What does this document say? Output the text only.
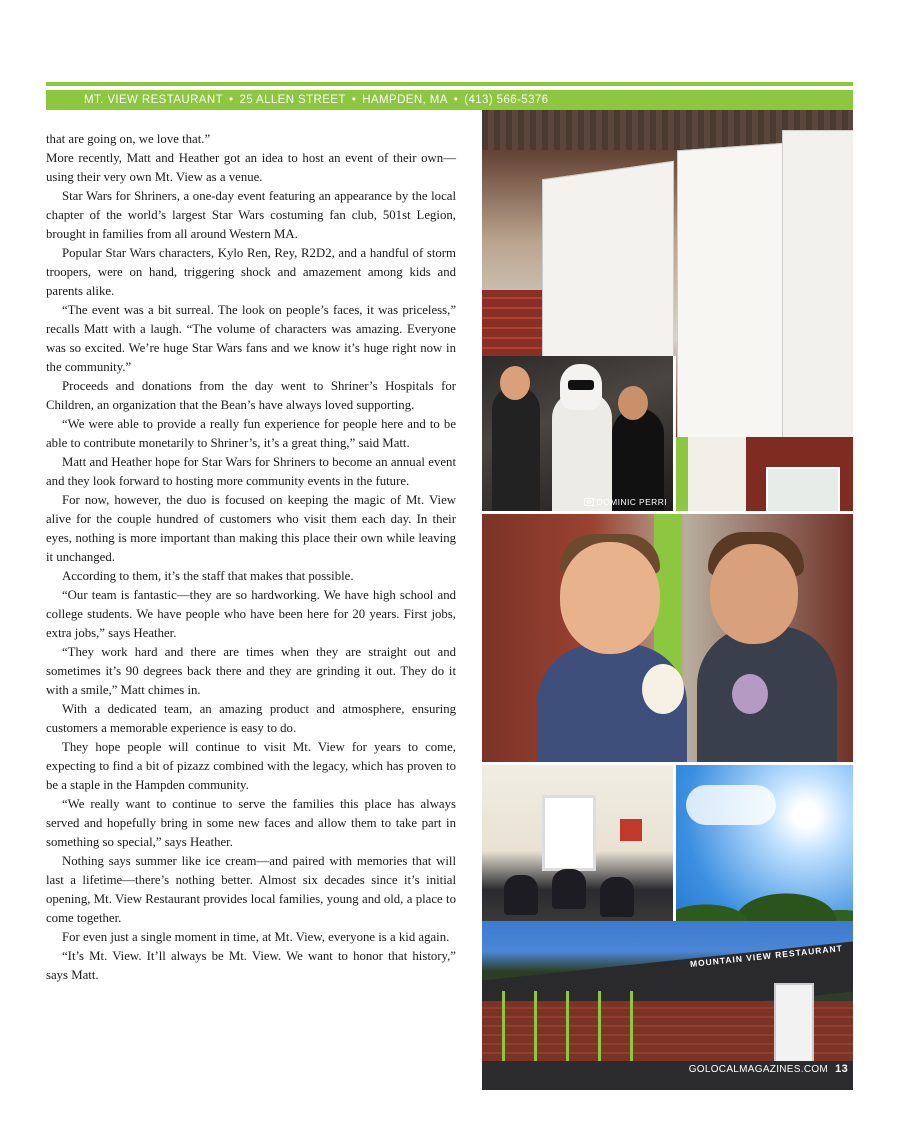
MT. VIEW RESTAURANT • 25 ALLEN STREET • HAMPDEN, MA • (413) 566-5376

that are going on, we love that.”

More recently, Matt and Heather got an idea to host an event of their own—using their very own Mt. View as a venue.

Star Wars for Shriners, a one-day event featuring an appearance by the local chapter of the world’s largest Star Wars costuming fan club, 501st Legion, brought in families from all around Western MA.

Popular Star Wars characters, Kylo Ren, Rey, R2D2, and a handful of storm troopers, were on hand, triggering shock and amazement among kids and parents alike.

“The event was a bit surreal. The look on people’s faces, it was priceless,” recalls Matt with a laugh. “The volume of characters was amazing. Everyone was so excited. We’re huge Star Wars fans and we know it’s huge right now in the community.”

Proceeds and donations from the day went to Shriner’s Hospitals for Children, an organization that the Bean’s have always loved supporting.

“We were able to provide a really fun experience for people here and to be able to contribute monetarily to Shriner’s, it’s a great thing,” said Matt.

Matt and Heather hope for Star Wars for Shriners to become an annual event and they look forward to hosting more community events in the future.

For now, however, the duo is focused on keeping the magic of Mt. View alive for the couple hundred of customers who visit them each day. In their eyes, nothing is more important than making this place their own while leaving it unchanged.

According to them, it’s the staff that makes that possible.

“Our team is fantastic—they are so hardworking. We have high school and college students. We have people who have been here for 20 years. First jobs, extra jobs,” says Heather.

“They work hard and there are times when they are straight out and sometimes it’s 90 degrees back there and they are grinding it out. They do it with a smile,” Matt chimes in.

With a dedicated team, an amazing product and atmosphere, ensuring customers a memorable experience is easy to do.

They hope people will continue to visit Mt. View for years to come, expecting to find a bit of pizazz combined with the legacy, which has proven to be a staple in the Hampden community.

“We really want to continue to serve the families this place has always served and hopefully bring in some new faces and allow them to take part in something so special,” says Heather.

Nothing says summer like ice cream—and paired with memories that will last a lifetime—there’s nothing better. Almost six decades since it’s initial opening, Mt. View Restaurant provides local families, young and old, a place to come together.

For even just a single moment in time, at Mt. View, everyone is a kid again.

“It’s Mt. View. It’ll always be Mt. View. We want to honor that history,” says Matt.

DOMINIC PERRI
MOUNTAIN VIEW RESTAURANT
GOLOCALMAGAZINES.COM 13
